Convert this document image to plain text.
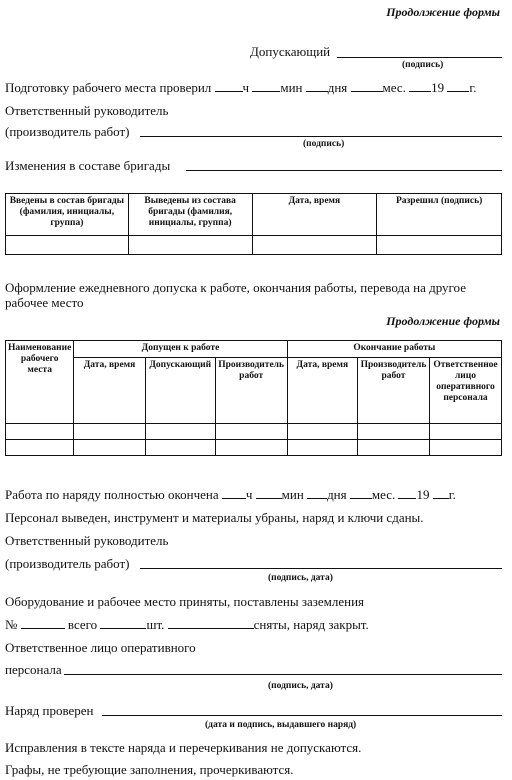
Продолжение формы
Допускающий
(подпись)
Подготовку рабочего места проверил ч мин дня	мес. 19 г.
Ответственный руководитель
(производитель работ)
(подпись)
Изменения в составе бригады
Введены в состав бригады (фамилия, инициалы, группа)	Выведены из состава бригады (фамилия, инициалы, группа)	Дата, время	Разрешил (подпись)

Оформление ежедневного допуска к работе, окончания работы, перевода на другое рабочее место
Продолжение формы
Наименование рабочего места	Допущен к работе			Окончание работы		
	Дата, время	Допускающий	Производитель работ	Дата, время	Производитель работ	Ответственное лицо оперативного персонала

Работа по наряду полностью окончена ч мин дня мес. 19 г.
Персонал выведен, инструмент и материалы убраны, наряд и ключи сданы.
Ответственный руководитель
(производитель работ)
(подпись, дата)
Оборудование и рабочее место приняты, поставлены заземления
№	всего	шт.	сняты, наряд закрыт.
Ответственное лицо оперативного
персонала
(подпись, дата)
Наряд проверен
(дата и подпись, выдавшего наряд)
Исправления в тексте наряда и перечеркивания не допускаются.
Графы, не требующие заполнения, прочеркиваются.
